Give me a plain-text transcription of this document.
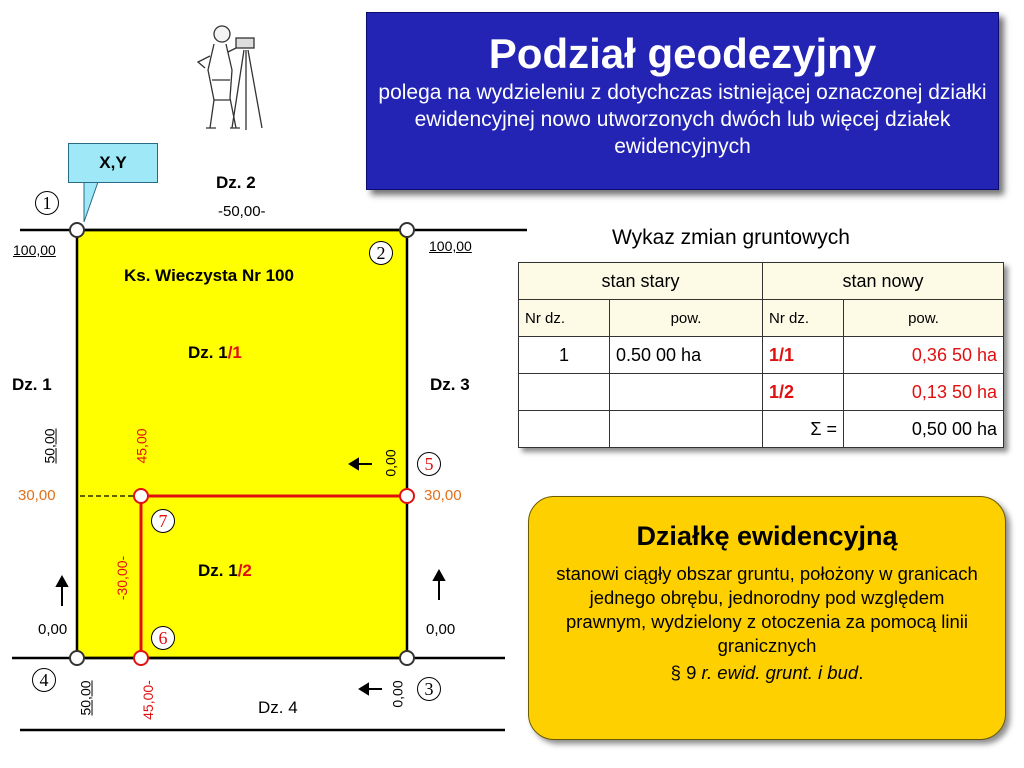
Podział geodezyjny
polega na wydzieleniu z dotychczas istniejącej oznaczonej działki ewidencyjnej nowo utworzonych dwóch lub więcej działek ewidencyjnych
X,Y
Dz. 2
-50,00-
100,00	100,00
Ks. Wieczysta Nr 100
Dz. 1/1
Dz. 1	Dz. 3
Dz. 1/2
50,00	45,00	0,00
-30,00-
50,00	45,00-	0,00
30,00	30,00
0,00	0,00
Dz. 4
1
2
3
4
5
6
7
Wykaz zmian gruntowych
stan stary		stan nowy	
Nr dz.	pow.	Nr dz.	pow.
1	0.50 00 ha	1/1	0,36 50 ha
		1/2	0,13 50 ha
		Σ =	0,50 00 ha
Działkę ewidencyjną
stanowi ciągły obszar gruntu, położony w granicach jednego obrębu, jednorodny pod względem prawnym, wydzielony z otoczenia za pomocą linii granicznych
§ 9 r. ewid. grunt. i bud.
